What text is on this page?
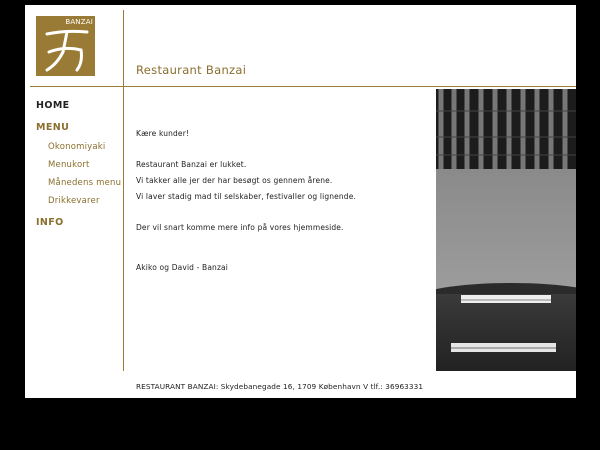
BANZAI
Restaurant Banzai
HOME
MENU
Okonomiyaki
Menukort
Månedens menu
Drikkevarer
INFO

Kære kunder!

Restaurant Banzai er lukket.

Vi takker alle jer der har besøgt os gennem årene.

Vi laver stadig mad til selskaber, festivaller og lignende.

Der vil snart komme mere info på vores hjemmeside.

Akiko og David - Banzai

RESTAURANT BANZAI: Skydebanegade 16, 1709 København V tlf.: 36963331
